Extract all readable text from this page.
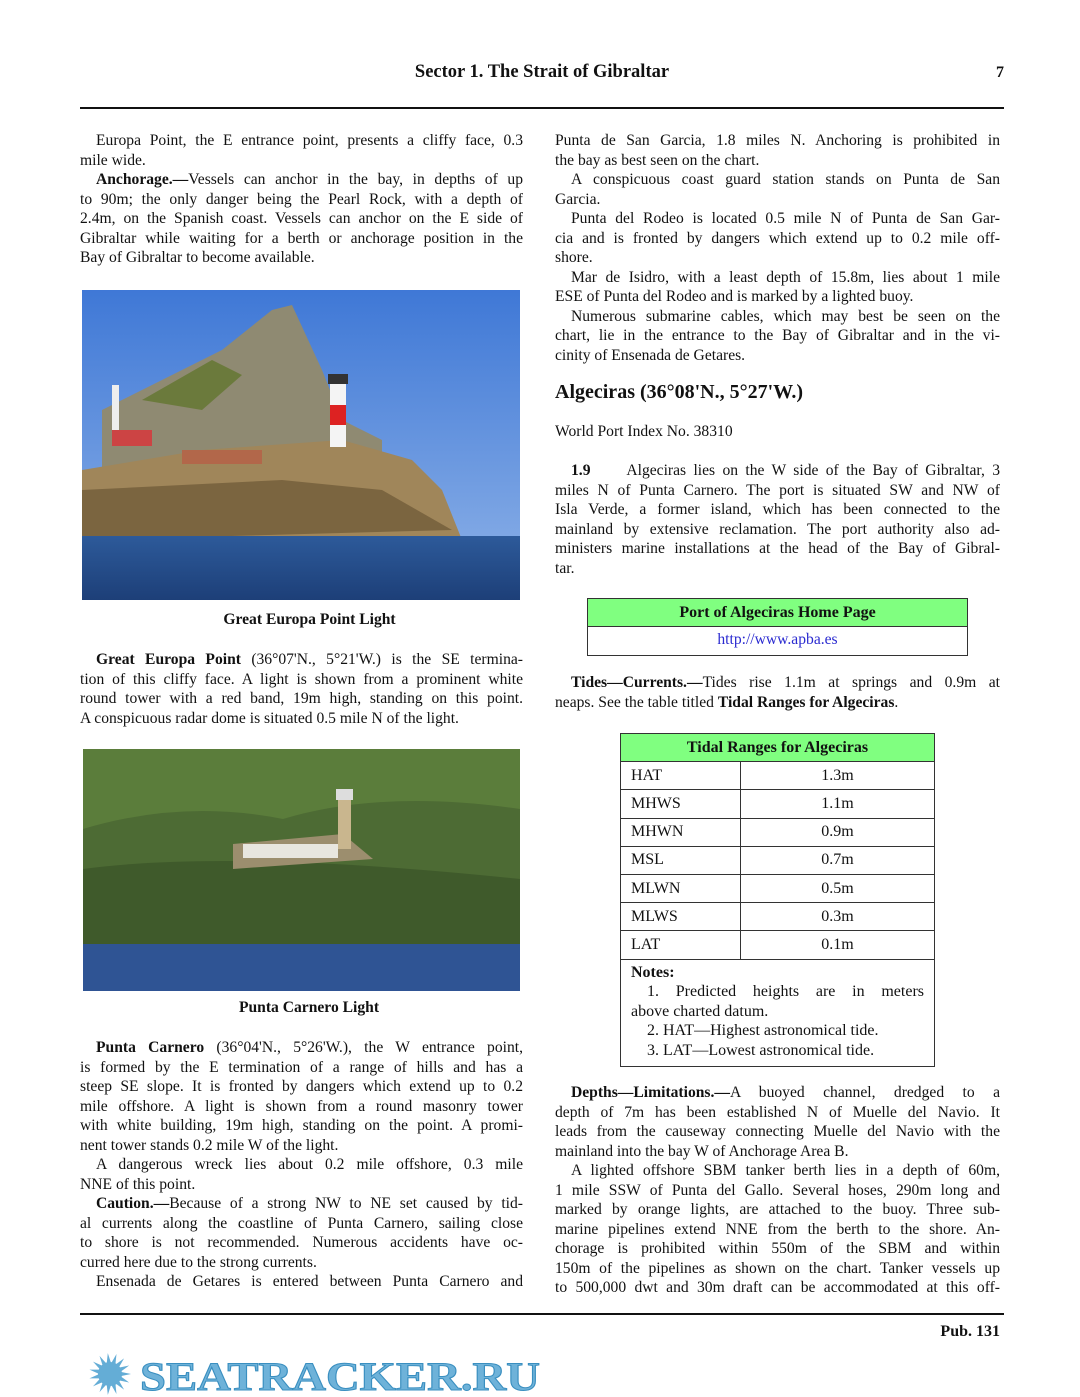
Sector 1. The Strait of Gibraltar	7
Europa Point, the E entrance point, presents a cliffy face, 0.3
mile wide.
Anchorage.—Vessels can anchor in the bay, in depths of up
to 90m; the only danger being the Pearl Rock, with a depth of
2.4m, on the Spanish coast. Vessels can anchor on the E side of
Gibraltar while waiting for a berth or anchorage position in the
Bay of Gibraltar to become available.
Great Europa Point Light
Great Europa Point (36°07'N., 5°21'W.) is the SE termina-
tion of this cliffy face. A light is shown from a prominent white
round tower with a red band, 19m high, standing on this point.
A conspicuous radar dome is situated 0.5 mile N of the light.
Punta Carnero Light
Punta Carnero (36°04'N., 5°26'W.), the W entrance point,
is formed by the E termination of a range of hills and has a
steep SE slope. It is fronted by dangers which extend up to 0.2
mile offshore. A light is shown from a round masonry tower
with white building, 19m high, standing on the point. A promi-
nent tower stands 0.2 mile W of the light.
A dangerous wreck lies about 0.2 mile offshore, 0.3 mile
NNE of this point.
Caution.—Because of a strong NW to NE set caused by tid-
al currents along the coastline of Punta Carnero, sailing close
to shore is not recommended. Numerous accidents have oc-
curred here due to the strong currents.
Ensenada de Getares is entered between Punta Carnero and
Punta de San Garcia, 1.8 miles N. Anchoring is prohibited in
the bay as best seen on the chart.
A conspicuous coast guard station stands on Punta de San
Garcia.
Punta del Rodeo is located 0.5 mile N of Punta de San Gar-
cia and is fronted by dangers which extend up to 0.2 mile off-
shore.
Mar de Isidro, with a least depth of 15.8m, lies about 1 mile
ESE of Punta del Rodeo and is marked by a lighted buoy.
Numerous submarine cables, which may best be seen on the
chart, lie in the entrance to the Bay of Gibraltar and in the vi-
cinity of Ensenada de Getares.
Algeciras (36°08'N., 5°27'W.)
World Port Index No. 38310
1.9     Algeciras lies on the W side of the Bay of Gibraltar, 3
miles N of Punta Carnero. The port is situated SW and NW of
Isla Verde, a former island, which has been connected to the
mainland by extensive reclamation. The port authority also ad-
ministers marine installations at the head of the Bay of Gibral-
tar.
Port of Algeciras Home Page
http://www.apba.es
Tides—Currents.—Tides rise 1.1m at springs and 0.9m at
neaps. See the table titled Tidal Ranges for Algeciras.
Tidal Ranges for Algeciras	
HAT	1.3m
MHWS	1.1m
MHWN	0.9m
MSL	0.7m
MLWN	0.5m
MLWS	0.3m
LAT	0.1m

Notes:
1. Predicted heights are in meters
above charted datum.
2. HAT—Highest astronomical tide.
3. LAT—Lowest astronomical tide.	
Depths—Limitations.—A buoyed channel, dredged to a
depth of 7m has been established N of Muelle del Navio. It
leads from the causeway connecting Muelle del Navio with the
mainland into the bay W of Anchorage Area B.
A lighted offshore SBM tanker berth lies in a depth of 60m,
1 mile SSW of Punta del Gallo. Several hoses, 290m long and
marked by orange lights, are attached to the buoy. Three sub-
marine pipelines extend NNE from the berth to the shore. An-
chorage is prohibited within 550m of the SBM and within
150m of the pipelines as shown on the chart. Tanker vessels up
to 500,000 dwt and 30m draft can be accommodated at this off-
Pub. 131
SEATRACKER.RU
